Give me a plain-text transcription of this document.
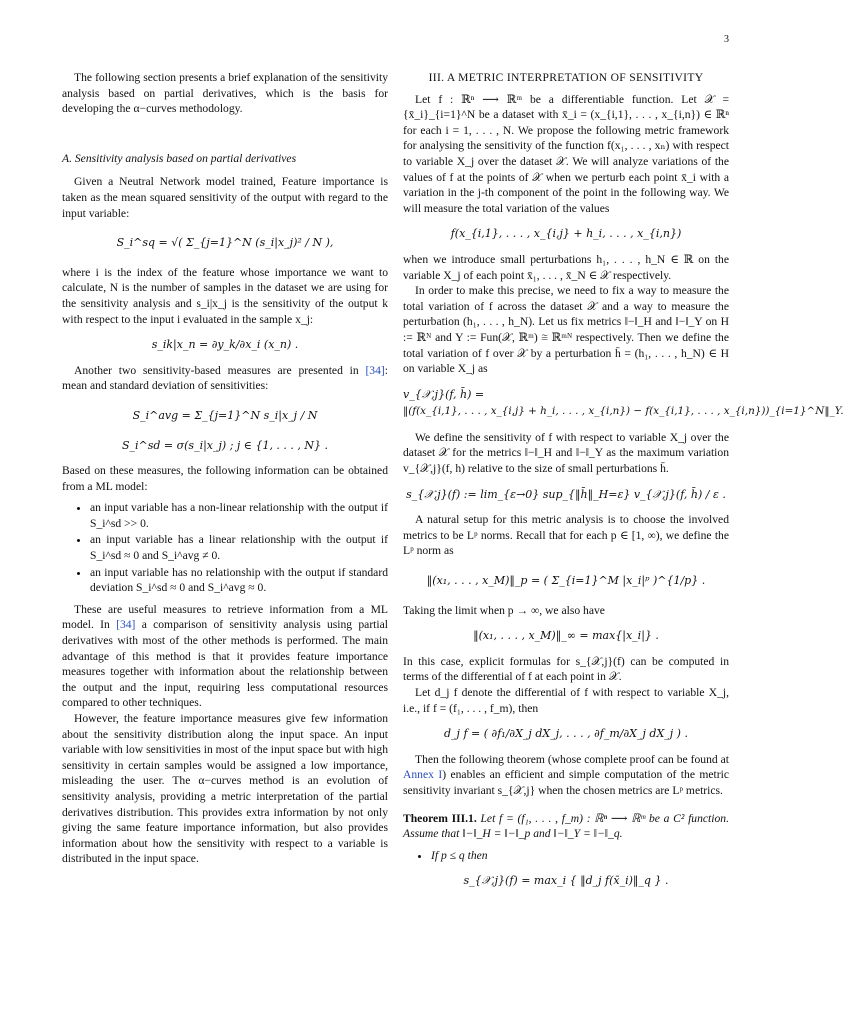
3

The following section presents a brief explanation of the sensitivity analysis based on partial derivatives, which is the basis for developing the α−curves methodology.

A. Sensitivity analysis based on partial derivatives

Given a Neutral Network model trained, Feature importance is taken as the mean squared sensitivity of the output with regard to the input variable:

S_i^sq = √( Σ_{j=1}^N (s_i|x_j)² / N ),

where i is the index of the feature whose importance we want to calculate, N is the number of samples in the dataset we are using for the sensitivity analysis and s_i|x_j is the sensitivity of the output k with respect to the input i evaluated in the sample x_j:

s_ik|x_n = ∂y_k/∂x_i (x_n) .

Another two sensitivity-based measures are presented in [34]: mean and standard deviation of sensitivities:

S_i^avg = Σ_{j=1}^N s_i|x_j / N
S_i^sd = σ(s_i|x_j) ; j ∈ {1, . . . , N} .

Based on these measures, the following information can be obtained from a ML model:

• an input variable has a non-linear relationship with the output if S_i^sd >> 0.
• an input variable has a linear relationship with the output if S_i^sd ≈ 0 and S_i^avg ≠ 0.
• an input variable has no relationship with the output if standard deviation S_i^sd ≈ 0 and S_i^avg ≈ 0.

These are useful measures to retrieve information from a ML model. In [34] a comparison of sensitivity analysis using partial derivatives with most of the other methods is performed. The main advantage of this method is that it provides feature importance measures together with information about the relationship between the output and the input, requiring less computational resources compared to other techniques.

However, the feature importance measures give few information about the sensitivity distribution along the input space. An input variable with low sensitivities in most of the input space but with high sensitivity in certain samples would be assigned a low importance, misleading the user. The α−curves method is an evolution of sensitivity analysis, providing a metric interpretation of the partial derivatives distribution. This provides extra information by not only giving the same feature importance information, but also provides information about how the sensitivity with respect to a variable is distributed in the input space.

III. A METRIC INTERPRETATION OF SENSITIVITY

Let f : ℝⁿ ⟶ ℝᵐ be a differentiable function. Let 𝒳 = {x̄_i}_{i=1}^N be a dataset with x̄_i = (x_{i,1}, . . . , x_{i,n}) ∈ ℝⁿ for each i = 1, . . . , N. We propose the following metric framework for analysing the sensitivity of the function f(x₁, . . . , xₙ) with respect to variable X_j over the dataset 𝒳. We will analyze variations of the values of f at the points of 𝒳 when we perturb each point x̄_i with a variation in the j-th component of the point in the following way. We will measure the total variation of the values

f(x_{i,1}, . . . , x_{i,j} + h_i, . . . , x_{i,n})

when we introduce small perturbations h₁, . . . , h_N ∈ ℝ on the variable X_j of each point x̄₁, . . . , x̄_N ∈ 𝒳 respectively.

In order to make this precise, we need to fix a way to measure the total variation of f across the dataset 𝒳 and a way to measure the perturbation (h₁, . . . , h_N). Let us fix metrics ‖−‖_H and ‖−‖_Y on H := ℝᴺ and Y := Fun(𝒳, ℝᵐ) ≅ ℝᵐᴺ respectively. Then we define the total variation of f over 𝒳 by a perturbation h̄ = (h₁, . . . , h_N) ∈ H on variable X_j as

v_{𝒳,j}(f, h̄) =
‖(f(x_{i,1}, . . . , x_{i,j} + h_i, . . . , x_{i,n}) − f(x_{i,1}, . . . , x_{i,n}))_{i=1}^N‖_Y.

We define the sensitivity of f with respect to variable X_j over the dataset 𝒳 for the metrics ‖−‖_H and ‖−‖_Y as the maximum variation v_{𝒳,j}(f, h) relative to the size of small perturbations h̄.

s_{𝒳,j}(f) := lim_{ε→0} sup_{‖h̄‖_H=ε} v_{𝒳,j}(f, h̄) / ε .

A natural setup for this metric analysis is to choose the involved metrics to be Lᵖ norms. Recall that for each p ∈ [1, ∞), we define the Lᵖ norm as

‖(x₁, . . . , x_M)‖_p = ( Σ_{i=1}^M |x_i|ᵖ )^{1/p} .

Taking the limit when p → ∞, we also have

‖(x₁, . . . , x_M)‖_∞ = max{|x_i|} .

In this case, explicit formulas for s_{𝒳,j}(f) can be computed in terms of the differential of f at each point in 𝒳.

Let d_j f denote the differential of f with respect to variable X_j, i.e., if f = (f₁, . . . , f_m), then

d_j f = ( ∂f₁/∂X_j dX_j, . . . , ∂f_m/∂X_j dX_j ) .

Then the following theorem (whose complete proof can be found at Annex I) enables an efficient and simple computation of the metric sensitivity invariant s_{𝒳,j} when the chosen metrics are Lᵖ metrics.

Theorem III.1. Let f = (f₁, . . . , f_m) : ℝⁿ ⟶ ℝᵐ be a C² function. Assume that ‖−‖_H = ‖−‖_p and ‖−‖_Y = ‖−‖_q.

• If p ≤ q then
s_{𝒳,j}(f) = max_i { ‖d_j f(x̄_i)‖_q } .
